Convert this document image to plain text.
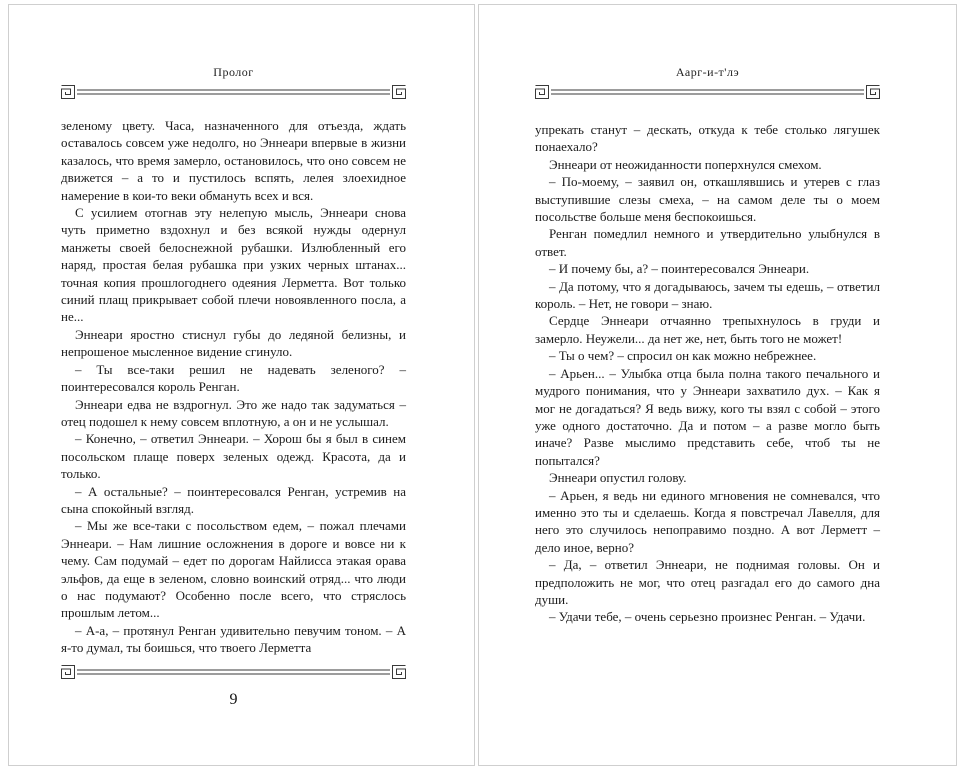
Пролог

зеленому цвету. Часа, назначенного для отъезда, ждать оставалось совсем уже недолго, но Эннеари впервые в жизни казалось, что время замерло, остановилось, что оно совсем не движется – а то и пустилось вспять, лелея злоехидное намерение в кои-то веки обмануть всех и вся.

С усилием отогнав эту нелепую мысль, Эннеари снова чуть приметно вздохнул и без всякой нужды одернул манжеты своей белоснежной рубашки. Излюбленный его наряд, простая белая рубашка при узких черных штанах... точная копия прошлогоднего одеяния Лерметта. Вот только синий плащ прикрывает собой плечи новоявленного посла, а не...

Эннеари яростно стиснул губы до ледяной белизны, и непрошеное мысленное видение сгинуло.

– Ты все-таки решил не надевать зеленого? – поинтересовался король Ренган.

Эннеари едва не вздрогнул. Это же надо так задуматься – отец подошел к нему совсем вплотную, а он и не услышал.

– Конечно, – ответил Эннеари. – Хорош бы я был в синем посольском плаще поверх зеленых одежд. Красота, да и только.

– А остальные? – поинтересовался Ренган, устремив на сына спокойный взгляд.

– Мы же все-таки с посольством едем, – пожал плечами Эннеари. – Нам лишние осложнения в дороге и вовсе ни к чему. Сам подумай – едет по дорогам Найлисса этакая орава эльфов, да еще в зеленом, словно воинский отряд... что люди о нас подумают? Особенно после всего, что стряслось прошлым летом...

– А-а, – протянул Ренган удивительно певучим тоном. – А я-то думал, ты боишься, что твоего Лерметта

9
Аарг-и-т'лэ

упрекать станут – дескать, откуда к тебе столько лягушек понаехало?

Эннеари от неожиданности поперхнулся смехом.

– По-моему, – заявил он, откашлявшись и утерев с глаз выступившие слезы смеха, – на самом деле ты о моем посольстве больше меня беспокоишься.

Ренган помедлил немного и утвердительно улыбнулся в ответ.

– И почему бы, а? – поинтересовался Эннеари.

– Да потому, что я догадываюсь, зачем ты едешь, – ответил король. – Нет, не говори – знаю.

Сердце Эннеари отчаянно трепыхнулось в груди и замерло. Неужели... да нет же, нет, быть того не может!

– Ты о чем? – спросил он как можно небрежнее.

– Арьен... – Улыбка отца была полна такого печального и мудрого понимания, что у Эннеари захватило дух. – Как я мог не догадаться? Я ведь вижу, кого ты взял с собой – этого уже одного достаточно. Да и потом – а разве могло быть иначе? Разве мыслимо представить себе, чтоб ты не попытался?

Эннеари опустил голову.

– Арьен, я ведь ни единого мгновения не сомневался, что именно это ты и сделаешь. Когда я повстречал Лавелля, для него это случилось непоправимо поздно. А вот Лерметт – дело иное, верно?

– Да, – ответил Эннеари, не поднимая головы. Он и предположить не мог, что отец разгадал его до самого дна души.

– Удачи тебе, – очень серьезно произнес Ренган. – Удачи.
